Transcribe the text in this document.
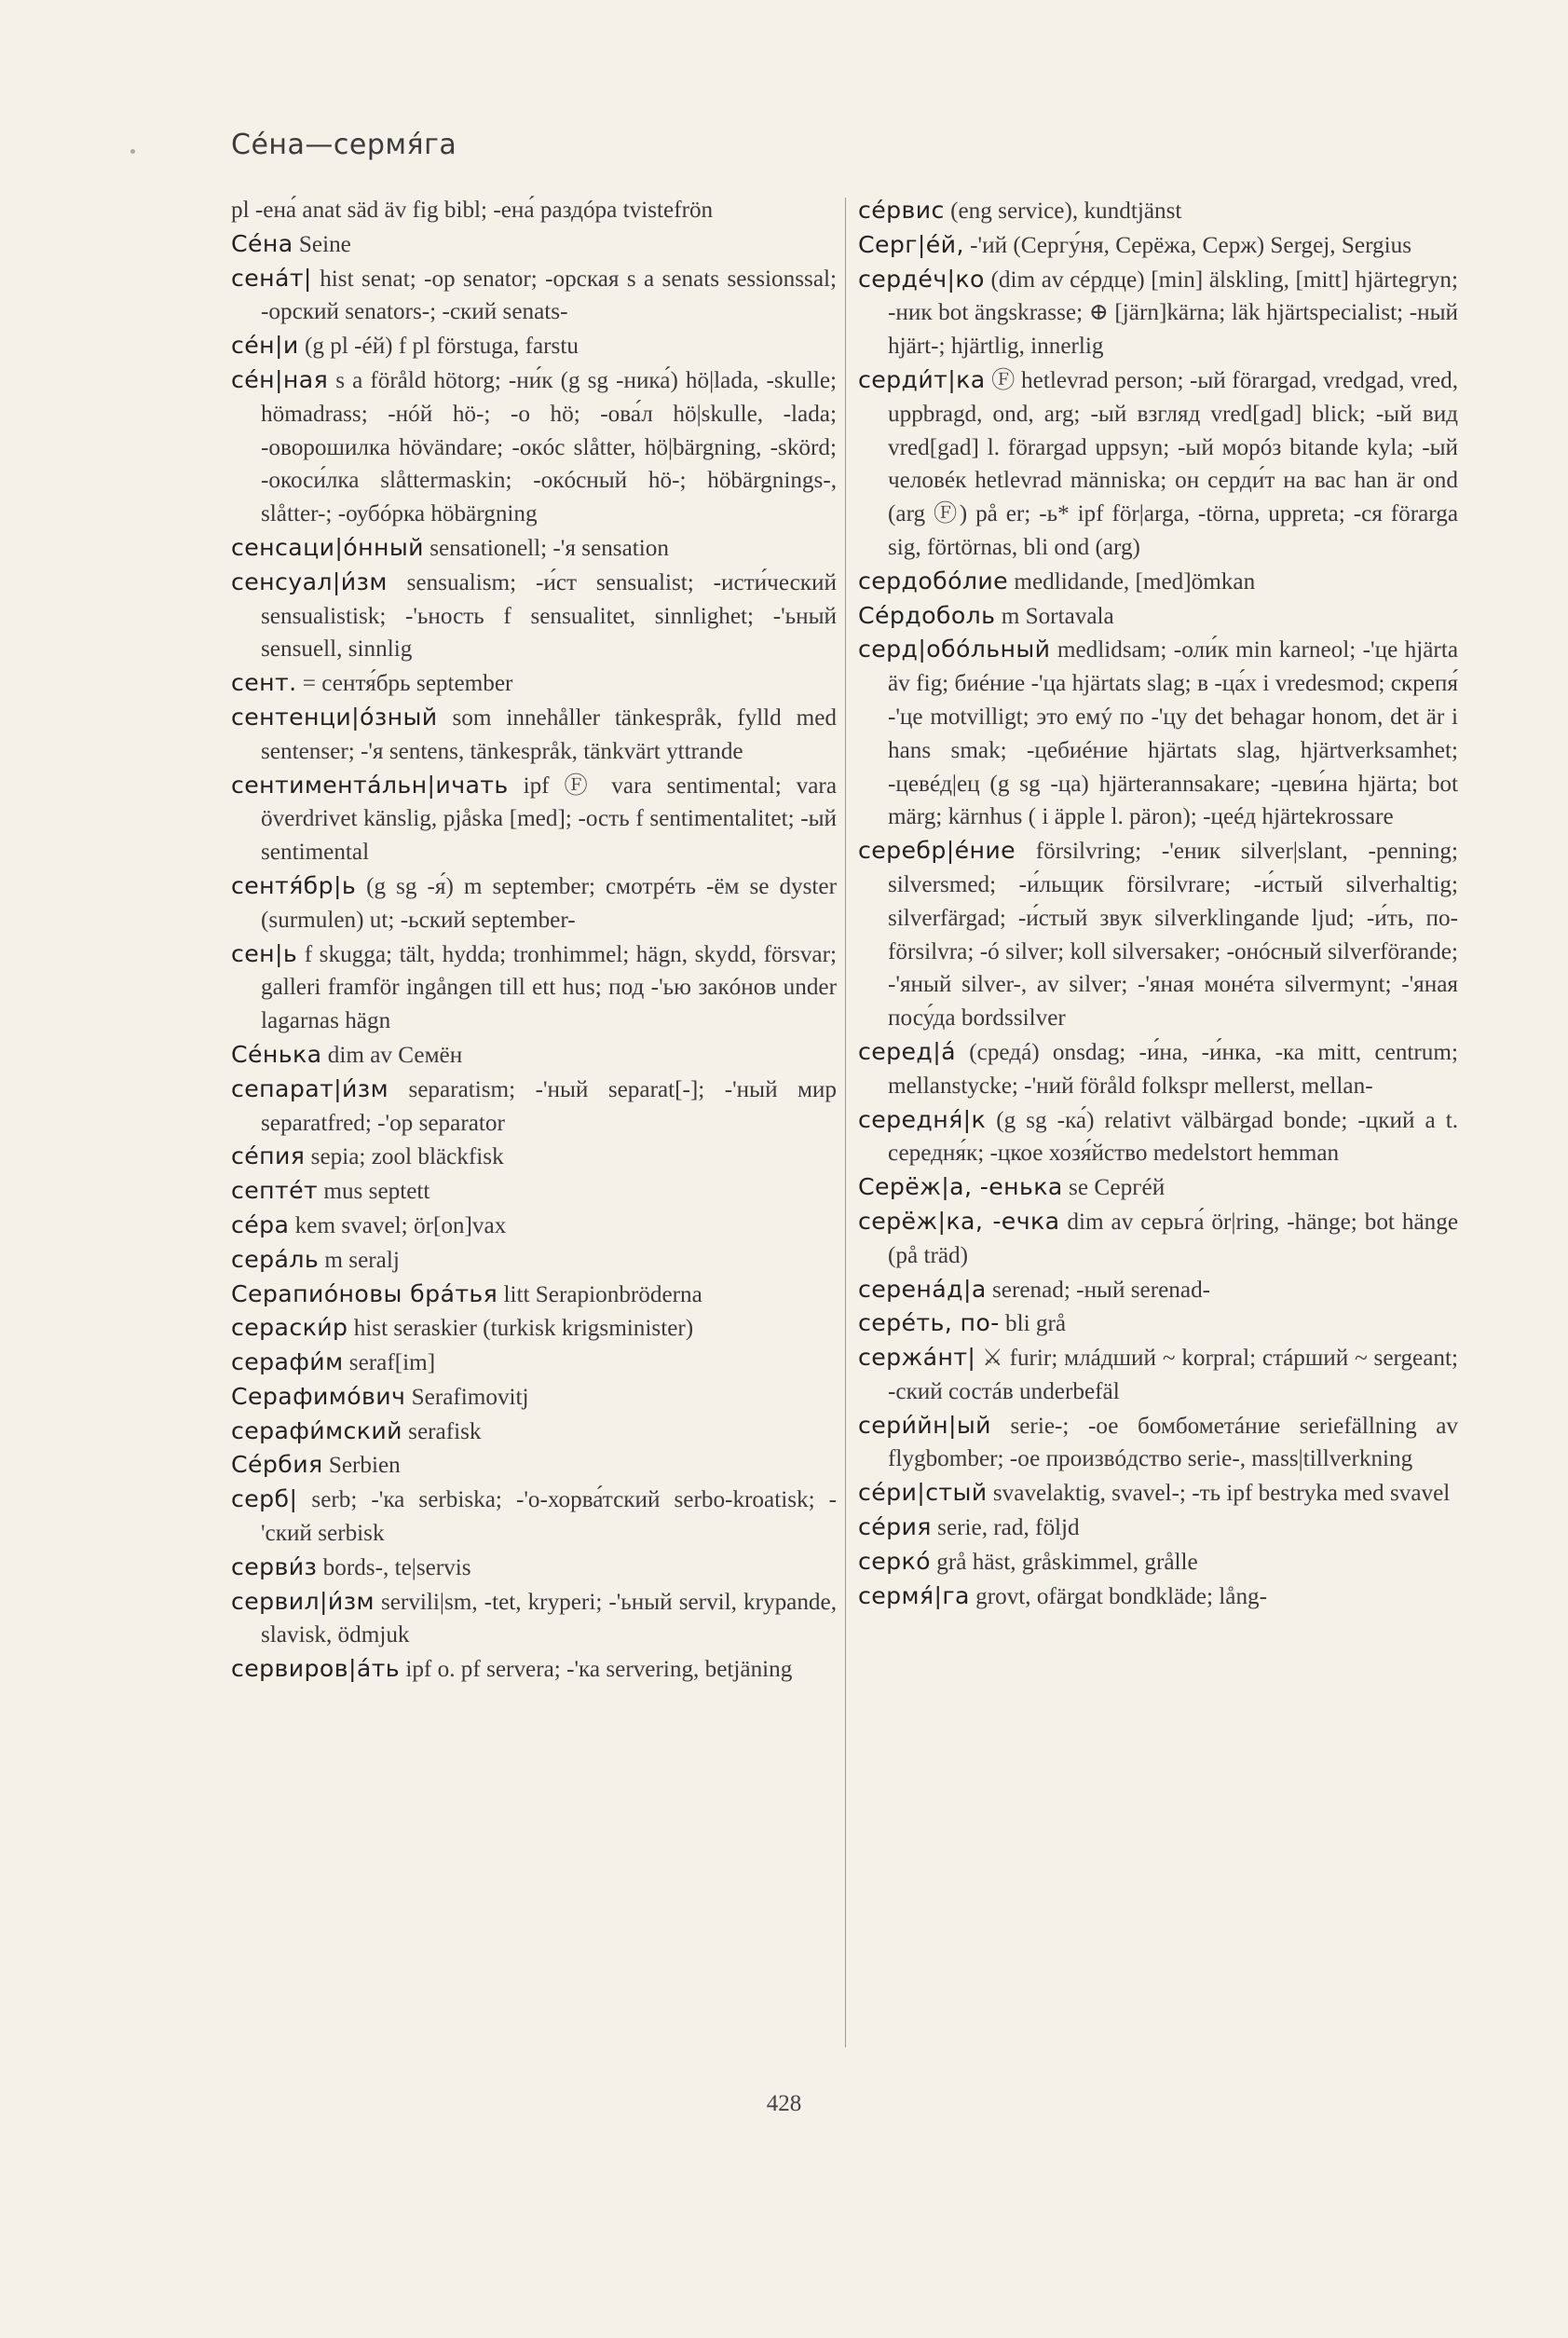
Сéна—сермя́га

pl -ена́ anat säd äv fig bibl; -ена́ раздóра tvistefrön

Сéна Seine

сена́т| hist senat; -ор senator; -орская s a senats sessionssal; -орский senators-; -ский senats-

сéн|и (g pl -éй) f pl förstuga, farstu

сéн|ная s a föråld hötorg; -ни́к (g sg -ника́) hö|lada, -skulle; hömadrass; -нóй hö-; -о hö; -ова́л hö|skulle, -lada; -оворошилка hövändare; -окóс slåtter, hö|bärgning, -skörd; -окоси́лка slåttermaskin; -окóсный hö-; höbärgnings-, slåtter-; -оубóрка höbärgning

сенсаци|óнный sensationell; -'я sensation

сенсуал|и́зм sensualism; -и́ст sensualist; -исти́ческий sensualistisk; -'ьность f sensualitet, sinnlighet; -'ьный sensuell, sinnlig

сент. = сентя́брь september

сентенци|óзный som innehåller tänkespråk, fylld med sentenser; -'я sentens, tänkespråk, tänkvärt yttrande

сентимента́льн|ичать ipf Ⓕ vara sentimental; vara överdrivet känslig, pjåska [med]; -ость f sentimentalitet; -ый sentimental

сентя́бр|ь (g sg -я́) m september; смотрéть -ём se dyster (surmulen) ut; -ьский september-

сен|ь f skugga; tält, hydda; tronhimmel; hägn, skydd, försvar; galleri framför ingången till ett hus; под -'ью закóнов under lagarnas hägn

Сéнька dim av Семён

сепарат|и́зм separatism; -'ный separat[-]; -'ный мир separatfred; -'ор separator

сéпия sepia; zool bläckfisk

септéт mus septett

сéра kem svavel; ör[on]vax

сера́ль m seralj

Серапиóновы бра́тья litt Serapionbröderna

сераски́р hist seraskier (turkisk krigsminister)

серафи́м seraf[im]

Серафимóвич Serafimovitj

серафи́мский serafisk

Сéрбия Serbien

серб| serb; -'ка serbiska; -'о-хорва́тский serbo-kroatisk; -'ский serbisk

серви́з bords-, te|servis

сервил|и́зм servili|sm, -tet, kryperi; -'ьный servil, krypande, slavisk, ödmjuk

сервиров|а́ть ipf o. pf servera; -'ка servering, betjäning

сéрвис (eng service), kundtjänst

Серг|éй, -'ий (Сергу́ня, Серёжа, Серж) Sergej, Sergius

сердéч|ко (dim av сéрдце) [min] älskling, [mitt] hjärtegryn; -ник bot ängskrasse; ⊕ [järn]kärna; läk hjärtspecialist; -ный hjärt-; hjärtlig, innerlig

серди́т|ка Ⓕ hetlevrad person; -ый förargad, vredgad, vred, uppbragd, ond, arg; -ый взгляд vred[gad] blick; -ый вид vred[gad] l. förargad uppsyn; -ый морóз bitande kyla; -ый человéк hetlevrad människa; он серди́т на вас han är ond (arg Ⓕ) på er; -ь* ipf för|arga, -törna, uppreta; -ся förarga sig, förtörnas, bli ond (arg)

сердобóлие medlidande, [med]ömkan

Сéрдоболь m Sortavala

серд|обóльный medlidsam; -оли́к min karneol; -'це hjärta äv fig; биéние -'ца hjärtats slag; в -ца́х i vredesmod; скрепя́ -'це motvilligt; это емý по -'цу det behagar honom, det är i hans smak; -цебиéние hjärtats slag, hjärtverksamhet; -цевéд|ец (g sg -ца) hjärterannsakare; -цеви́на hjärta; bot märg; kärnhus ( i äpple l. päron); -цеéд hjärtekrossare

серебр|éние försilvring; -'еник silver|slant, -penning; silversmed; -и́льщик försilvrare; -и́стый silverhaltig; silverfärgad; -и́стый звук silverklingande ljud; -и́ть, по- försilvra; -ó silver; koll silversaker; -онóсный silverförande; -'яный silver-, av silver; -'яная монéта silvermynt; -'яная посу́да bordssilver

серед|а́ (средá) onsdag; -и́на, -и́нка, -ка mitt, centrum; mellanstycke; -'ний föråld folkspr mellerst, mellan-

середня́|к (g sg -ка́) relativt välbärgad bonde; -цкий a t. середня́к; -цкое хозя́йство medelstort hemman

Серёж|а, -енька se Сергéй

серёж|ка, -ечка dim av серьга́ ör|ring, -hänge; bot hänge (på träd)

серена́д|а serenad; -ный serenad-

серéть, по- bli grå

сержа́нт| ⚔ furir; млáдший ~ korpral; стáрший ~ sergeant; -ский состáв underbefäl

сери́йн|ый serie-; -ое бомбометáние seriefällning av flygbomber; -ое произвóдство serie-, mass|tillverkning

сéри|стый svavelaktig, svavel-; -ть ipf bestryka med svavel

сéрия serie, rad, följd

серкó grå häst, gråskimmel, grålle

сермя́|га grovt, ofärgat bondkläde; lång-

428
